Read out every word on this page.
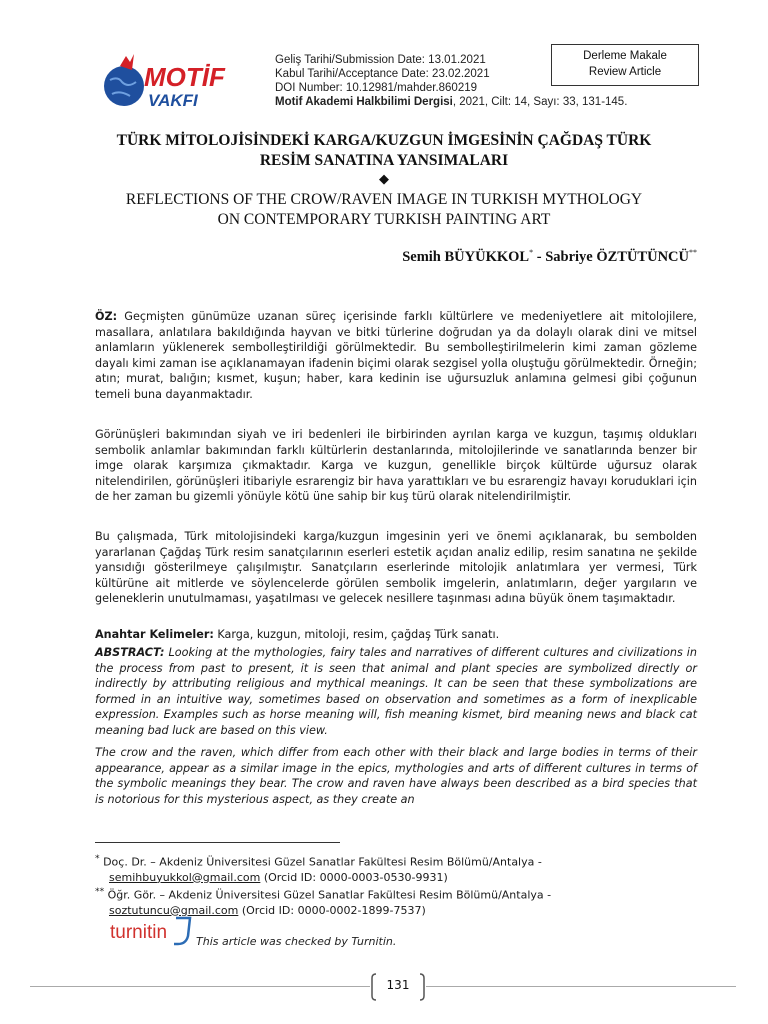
MOTİF
VAKFI
Geliş Tarihi/Submission Date: 13.01.2021
Kabul Tarihi/Acceptance Date: 23.02.2021
DOI Number: 10.12981/mahder.860219
Motif Akademi Halkbilimi Dergisi, 2021, Cilt: 14, Sayı: 33, 131-145.
Derleme Makale
Review Article
TÜRK MİTOLOJİSİNDEKİ KARGA/KUZGUN İMGESİNİN ÇAĞDAŞ TÜRK
RESİM SANATINA YANSIMALARI
◆
REFLECTIONS OF THE CROW/RAVEN IMAGE IN TURKISH MYTHOLOGY
ON CONTEMPORARY TURKISH PAINTING ART
Semih BÜYÜKKOL* - Sabriye ÖZTÜTÜNCÜ**
ÖZ: Geçmişten günümüze uzanan süreç içerisinde farklı kültürlere ve medeniyetlere ait mitolojilere, masallara, anlatılara bakıldığında hayvan ve bitki türlerine doğrudan ya da dolaylı olarak dini ve mitsel anlamların yüklenerek sembolleştirildiği görülmektedir. Bu sembolleştirilmelerin kimi zaman gözleme dayalı kimi zaman ise açıklanamayan ifadenin biçimi olarak sezgisel yolla oluştuğu görülmektedir. Örneğin; atın; murat, balığın; kısmet, kuşun; haber, kara kedinin ise uğursuzluk anlamına gelmesi gibi çoğunun temeli buna dayanmaktadır.
Görünüşleri bakımından siyah ve iri bedenleri ile birbirinden ayrılan karga ve kuzgun, taşımış oldukları sembolik anlamlar bakımından farklı kültürlerin destanlarında, mitolojilerinde ve sanatlarında benzer bir imge olarak karşımıza çıkmaktadır. Karga ve kuzgun, genellikle birçok kültürde uğursuz olarak nitelendirilen, görünüşleri itibariyle esrarengiz bir hava yarattıkları ve bu esrarengiz havayı koruduklari için de her zaman bu gizemli yönüyle kötü üne sahip bir kuş türü olarak nitelendirilmiştir.
Bu çalışmada, Türk mitolojisindeki karga/kuzgun imgesinin yeri ve önemi açıklanarak, bu sembolden yararlanan Çağdaş Türk resim sanatçılarının eserleri estetik açıdan analiz edilip, resim sanatına ne şekilde yansıdığı gösterilmeye çalışılmıştır. Sanatçıların eserlerinde mitolojik anlatımlara yer vermesi, Türk kültürüne ait mitlerde ve söylencelerde görülen sembolik imgelerin, anlatımların, değer yargıların ve geleneklerin unutulmaması, yaşatılması ve gelecek nesillere taşınması adına büyük önem taşımaktadır.
Anahtar Kelimeler: Karga, kuzgun, mitoloji, resim, çağdaş Türk sanatı.
ABSTRACT: Looking at the mythologies, fairy tales and narratives of different cultures and civilizations in the process from past to present, it is seen that animal and plant species are symbolized directly or indirectly by attributing religious and mythical meanings. It can be seen that these symbolizations are formed in an intuitive way, sometimes based on observation and sometimes as a form of inexplicable expression. Examples such as horse meaning will, fish meaning kismet, bird meaning news and black cat meaning bad luck are based on this view.
The crow and the raven, which differ from each other with their black and large bodies in terms of their appearance, appear as a similar image in the epics, mythologies and arts of different cultures in terms of the symbolic meanings they bear. The crow and raven have always been described as a bird species that is notorious for this mysterious aspect, as they create an
* Doç. Dr. – Akdeniz Üniversitesi Güzel Sanatlar Fakültesi Resim Bölümü/Antalya -
semihbuyukkol@gmail.com (Orcid ID: 0000-0003-0530-9931)
** Öğr. Gör. – Akdeniz Üniversitesi Güzel Sanatlar Fakültesi Resim Bölümü/Antalya -
soztutuncu@gmail.com (Orcid ID: 0000-0002-1899-7537)
turnitin	This article was checked by Turnitin.
131
